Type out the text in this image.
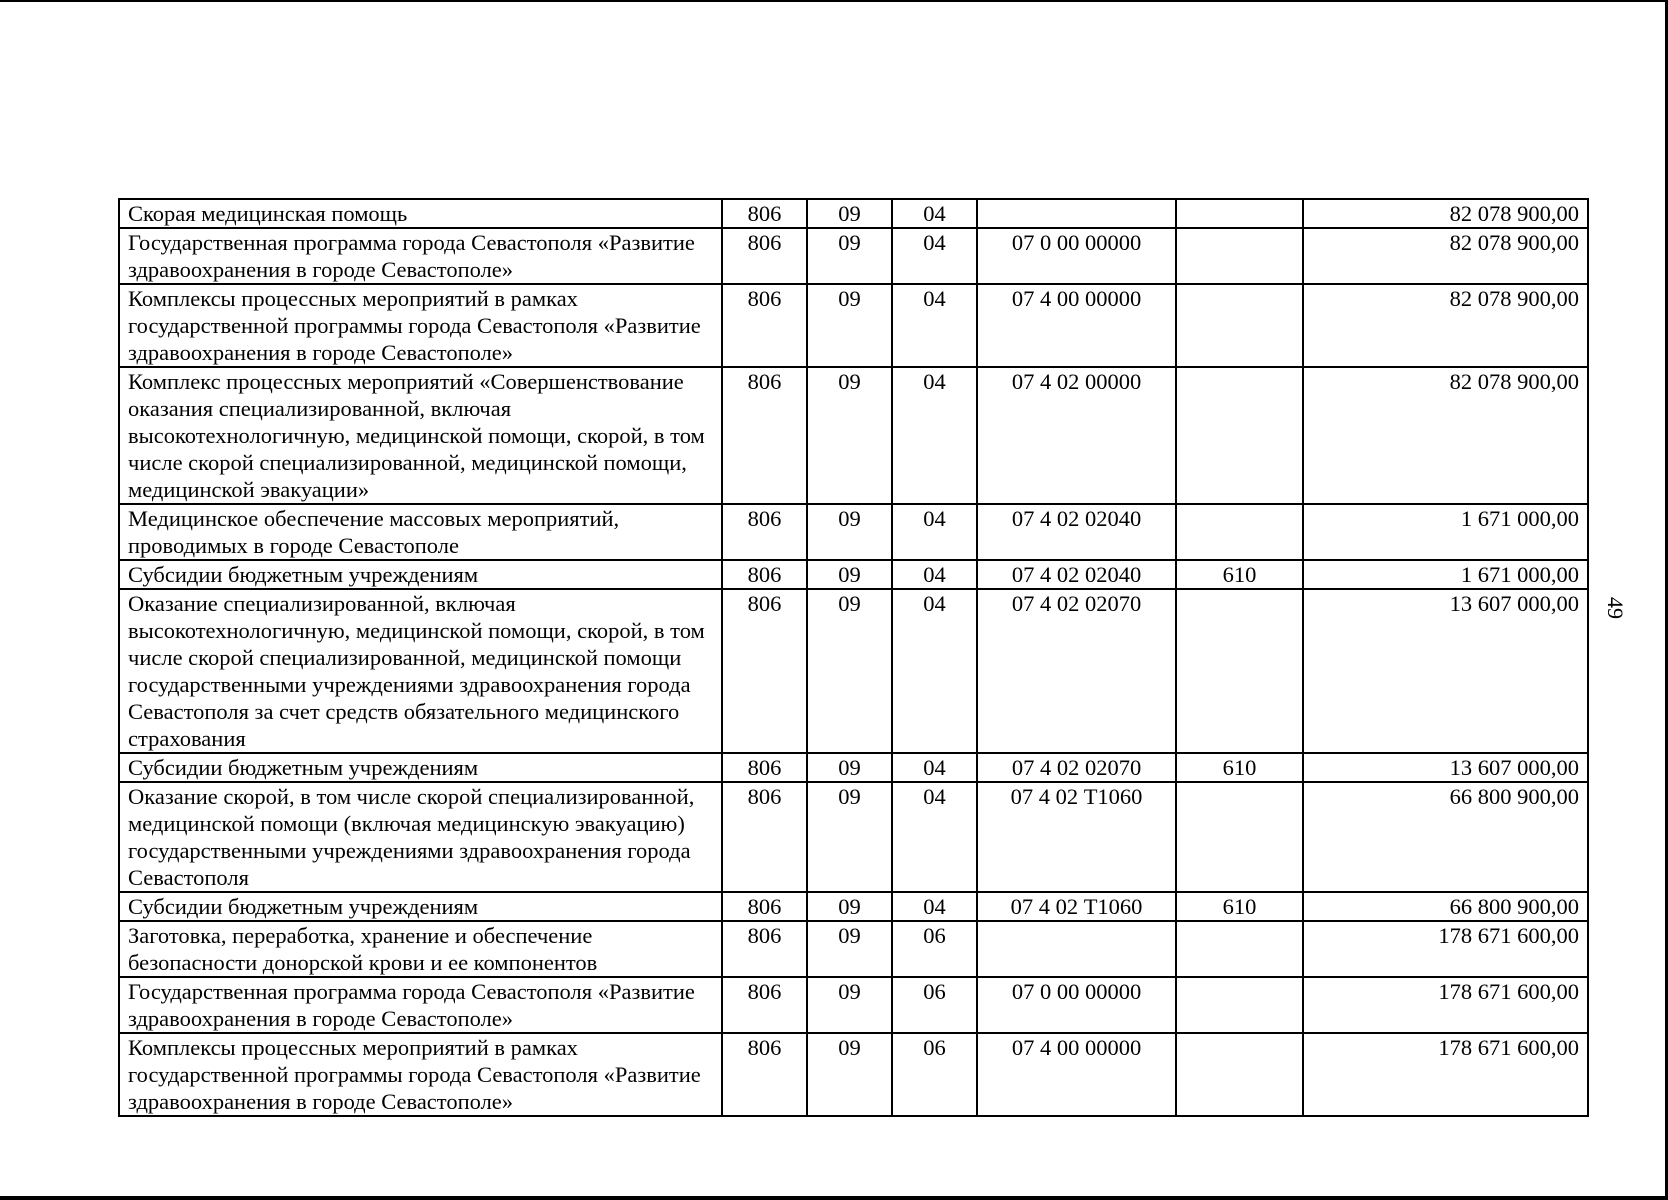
49
Скорая медицинская помощь	806	09	04			82 078 900,00
Государственная программа города Севастополя «Развитие здравоохранения в городе Севастополе»	806	09	04	07 0 00 00000		82 078 900,00
Комплексы процессных мероприятий в рамках государственной программы города Севастополя «Развитие здравоохранения в городе Севастополе»	806	09	04	07 4 00 00000		82 078 900,00
Комплекс процессных мероприятий «Совершенствование оказания специализированной, включая высокотехнологичную, медицинской помощи, скорой, в том числе скорой специализированной, медицинской помощи, медицинской эвакуации»	806	09	04	07 4 02 00000		82 078 900,00
Медицинское обеспечение массовых мероприятий, проводимых в городе Севастополе	806	09	04	07 4 02 02040		1 671 000,00
Субсидии бюджетным учреждениям	806	09	04	07 4 02 02040	610	1 671 000,00
Оказание специализированной, включая высокотехнологичную, медицинской помощи, скорой, в том числе скорой специализированной, медицинской помощи государственными учреждениями здравоохранения города Севастополя за счет средств обязательного медицинского страхования	806	09	04	07 4 02 02070		13 607 000,00
Субсидии бюджетным учреждениям	806	09	04	07 4 02 02070	610	13 607 000,00
Оказание скорой, в том числе скорой специализированной, медицинской помощи (включая медицинскую эвакуацию) государственными учреждениями здравоохранения города Севастополя	806	09	04	07 4 02 Т1060		66 800 900,00
Субсидии бюджетным учреждениям	806	09	04	07 4 02 Т1060	610	66 800 900,00
Заготовка, переработка, хранение и обеспечение безопасности донорской крови и ее компонентов	806	09	06			178 671 600,00
Государственная программа города Севастополя «Развитие здравоохранения в городе Севастополе»	806	09	06	07 0 00 00000		178 671 600,00
Комплексы процессных мероприятий в рамках государственной программы города Севастополя «Развитие здравоохранения в городе Севастополе»	806	09	06	07 4 00 00000		178 671 600,00
